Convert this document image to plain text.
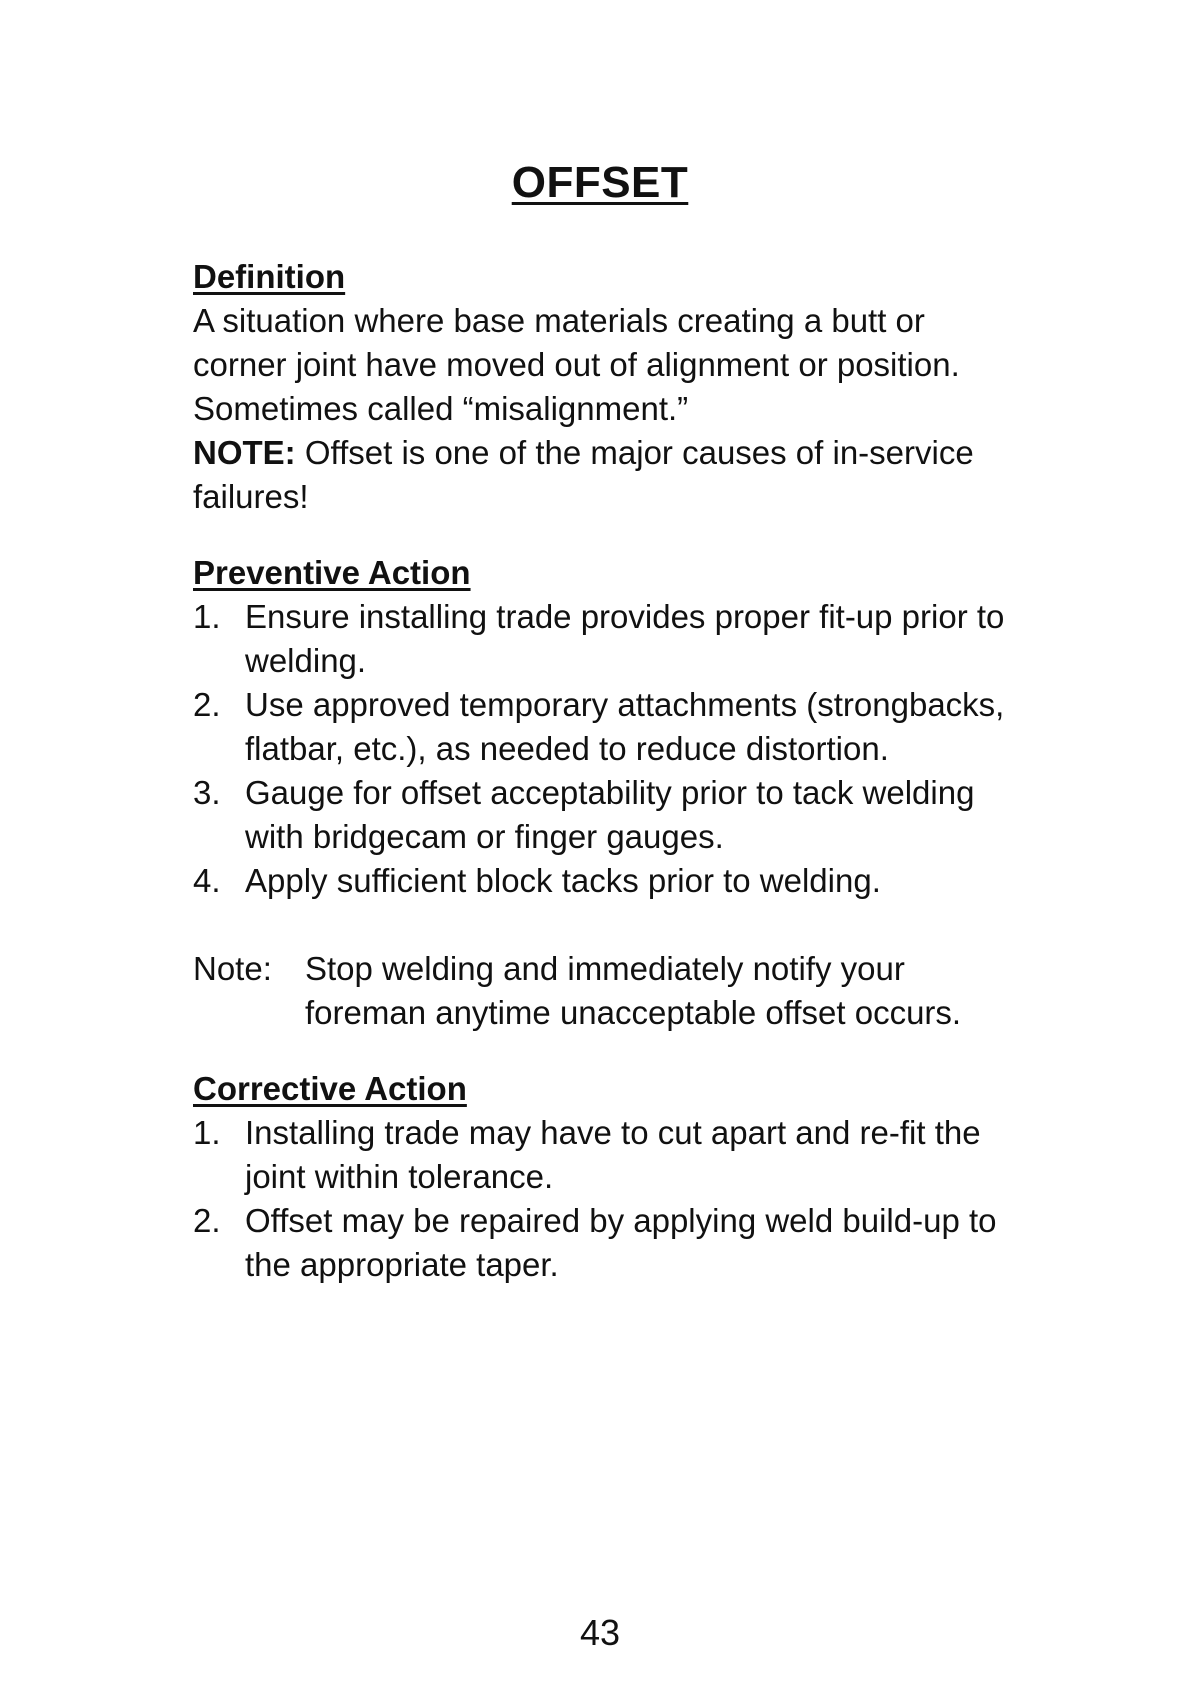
OFFSET

Definition

A situation where base materials creating a butt or corner joint have moved out of alignment or position. Sometimes called “misalignment.”

NOTE: Offset is one of the major causes of in-service failures!

Preventive Action

1. Ensure installing trade provides proper fit-up prior to welding.
2. Use approved temporary attachments (strongbacks, flatbar, etc.), as needed to reduce distortion.
3. Gauge for offset acceptability prior to tack welding with bridgecam or finger gauges.
4. Apply sufficient block tacks prior to welding.
Note:	Stop welding and immediately notify your foreman anytime unacceptable offset occurs.

Corrective Action

1. Installing trade may have to cut apart and re-fit the joint within tolerance.
2. Offset may be repaired by applying weld build-up to the appropriate taper.
43
